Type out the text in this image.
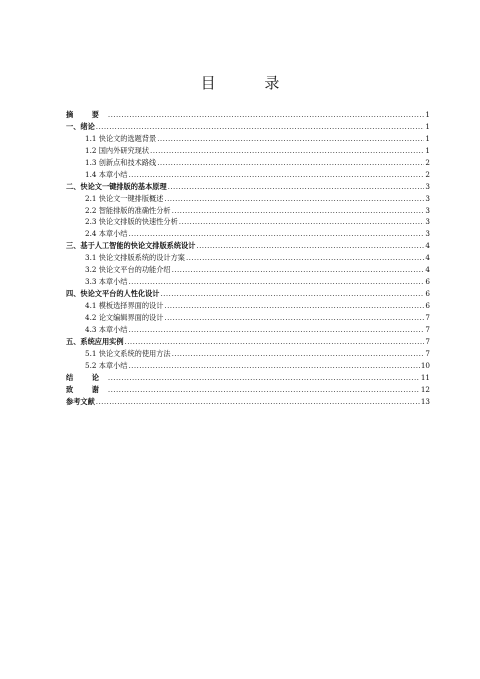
目 录
摘 要 .....	1
一、绪论 .....	1
1.1 快论文的选题背景 .....	1
1.2 国内外研究现状 .....	1
1.3 创新点和技术路线 .....	2
1.4 本章小结 .....	2
二、快论文一键排版的基本原理 .....	3
2.1 快论文一键排版概述 .....	3
2.2 智能排版的准确性分析 .....	3
2.3 快论文排版的快速性分析 .....	3
2.4 本章小结 .....	3
三、基于人工智能的快论文排版系统设计 .....	4
3.1 快论文排版系统的设计方案 .....	4
3.2 快论文平台的功能介绍 .....	4
3.3 本章小结 .....	6
四、快论文平台的人性化设计 .....	6
4.1 模板选择界面的设计 .....	6
4.2 论文编辑界面的设计 .....	7
4.3 本章小结 .....	7
五、系统应用实例 .....	7
5.1 快论文系统的使用方法 .....	7
5.2 本章小结 .....	10
结 论 .....	11
致 谢 .....	12
参考文献 .....	13
